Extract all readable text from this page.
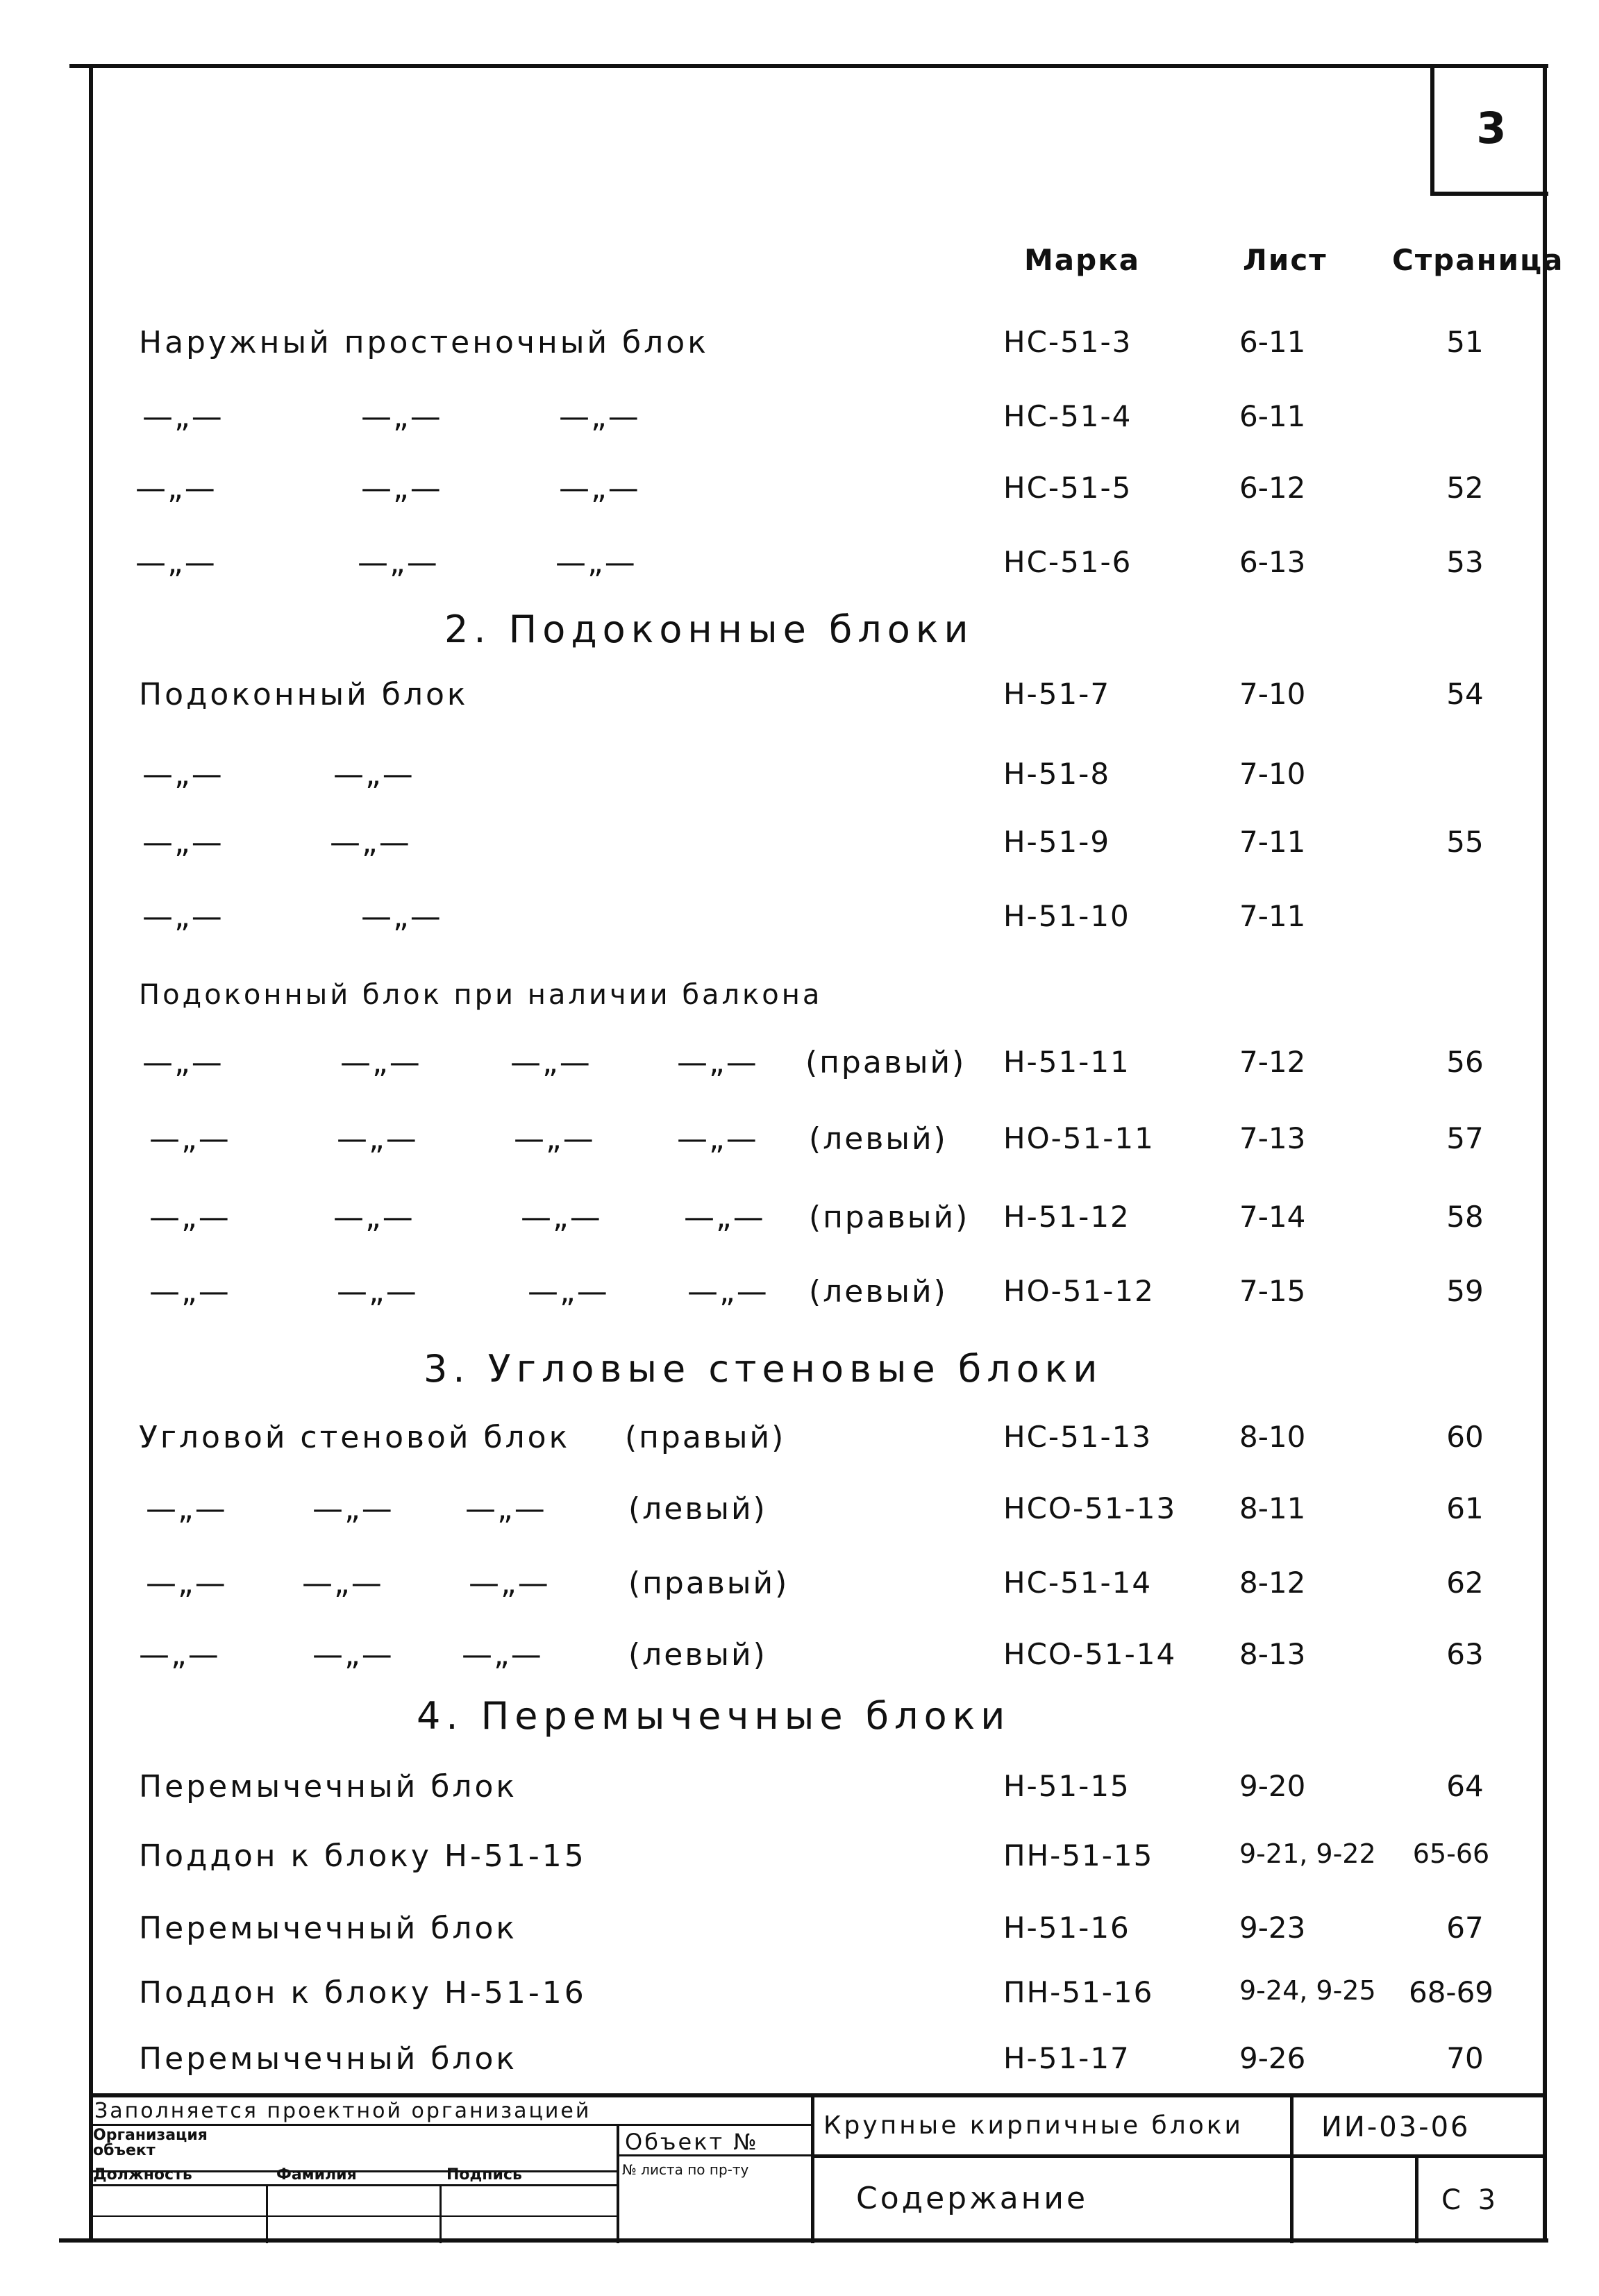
3
Марка	Лист Страница
Наружный простеночный блок	НС-51-3	6-11	51
—„—	—„—	—„—	НС-51-4	6-11
—„—	—„—	—„—	НС-51-5	6-12	52
—„—	—„—	—„—	НС-51-6	6-13	53
2. Подоконные блоки
Подоконный блок	Н-51-7	7-10	54
—„—	—„—	Н-51-8	7-10
—„—	—„—	Н-51-9	7-11	55
—„—	—„—	Н-51-10	7-11
Подоконный блок при наличии балкона
—„—	—„—	—„—	—„— (правый) Н-51-11	7-12	56
—„—	—„—	—„—	—„— (левый) НО-51-11	7-13	57
—„—	—„—	—„—	—„— (правый) Н-51-12	7-14	58
—„—	—„—	—„—	—„— (левый) НО-51-12	7-15	59
3. Угловые стеновые блоки
Угловой стеновой блок (правый)	НС-51-13	8-10	60
—„—	—„— —„—	(левый)	НСО-51-13 8-11	61
—„— —„—	—„—	(правый)	НС-51-14	8-12	62
—„—	—„— —„—	(левый)	НСО-51-14 8-13	63
4. Перемычечные блоки
Перемычечный блок	Н-51-15	9-20	64
Поддон к блоку Н-51-15	ПН-51-15	9-21, 9-22	65-66
Перемычечный блок	Н-51-16	9-23	67
Поддон к блоку Н-51-16	ПН-51-16	9-24, 9-25	68-69
Перемычечный блок	Н-51-17	9-26	70
Заполняется проектной организацией
Организация объект	Объект №
Должность	Фамилия	Подпись	№ листа по пр-ту
Крупные кирпичные блоки	ИИ-03-06
Содержание	С 3
